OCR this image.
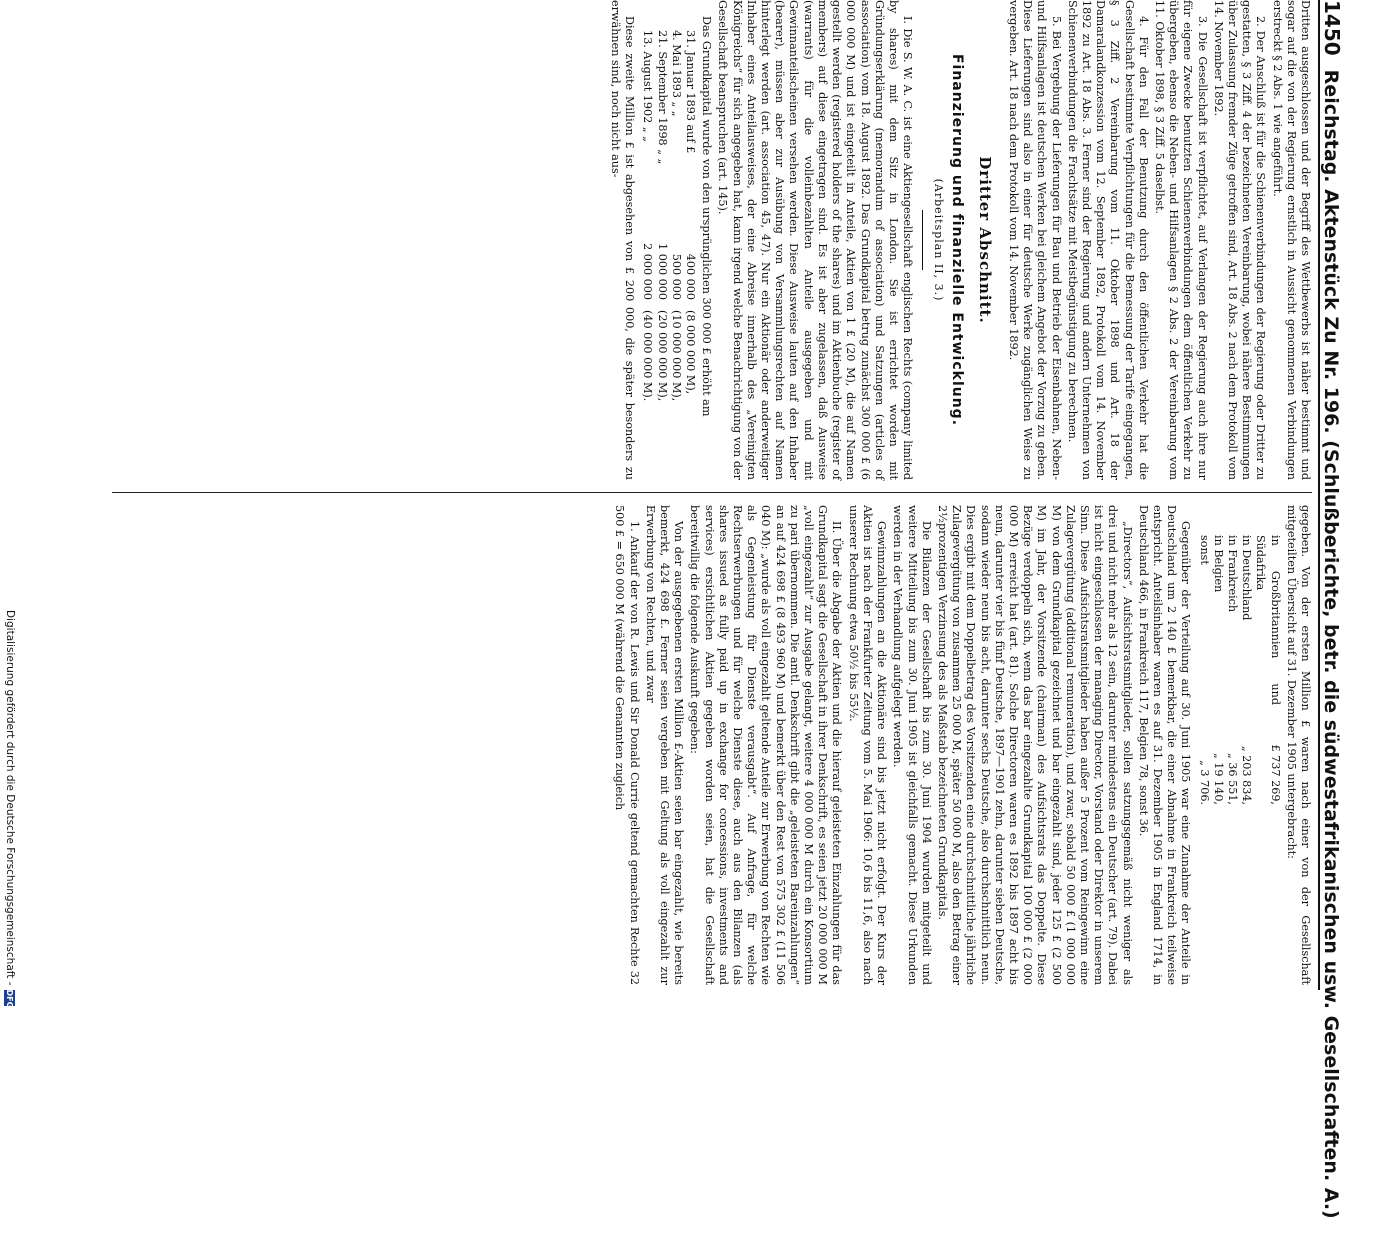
Digitalisierung gefördert durch die Deutsche Forschungsgemeinschaft -
DFG
1450
Reichstag. Aktenstück Zu Nr. 196. (Schlußberichte, betr. die südwestafrikanischen usw. Gesellschaften. A.)

Dritten ausgeschlossen und der Begriff des Wettbewerbs ist näher bestimmt und sogar auf die von der Regierung ernstlich in Aussicht genommenen Verbindungen erstreckt § 2 Abs. 1 wie angeführt.

2. Der Anschluß ist für die Schienenverbindungen der Regierung oder Dritter zu gestatten, § 3 Ziff. 4 der bezeichneten Vereinbarung, wobei nähere Bestimmungen über Zulassung fremder Züge getroffen sind, Art. 18 Abs. 2 nach dem Protokoll vom 14. November 1892.

3. Die Gesellschaft ist verpflichtet, auf Verlangen der Regierung auch ihre nur für eigene Zwecke benutzten Schienenverbindungen dem öffentlichen Verkehr zu übergeben, ebenso die Neben- und Hilfsanlagen § 2 Abs. 2 der Vereinbarung vom 11. Oktober 1898, § 3 Ziff. 5 daselbst.

4. Für den Fall der Benutzung durch den öffentlichen Verkehr hat die Gesellschaft bestimmte Verpflichtungen für die Bemessung der Tarife eingegangen, § 3 Ziff. 2 Vereinbarung vom 11. Oktober 1898 und Art. 18 der Damaralandkonzession vom 12. September 1892, Protokoll vom 14. November 1892 zu Art. 18 Abs. 3. Ferner sind der Regierung und andern Unternehmen von Schienenverbindungen die Frachtsätze mit Meistbegünstigung zu berechnen.

5. Bei Vergebung der Lieferungen für Bau und Betrieb der Eisenbahnen, Neben- und Hilfsanlagen ist deutschen Werken bei gleichem Angebot der Vorzug zu geben. Diese Lieferungen sind also in einer für deutsche Werke zugänglichen Weise zu vergeben. Art. 18 nach dem Protokoll vom 14. November 1892.

Dritter Abschnitt.
Finanzierung und finanzielle Entwicklung.
(Arbeitsplan II, 3.)

I. Die S. W. A. C. ist eine Aktiengesellschaft englischen Rechts (company limited by shares) mit dem Sitz in London. Sie ist errichtet worden mit Gründungserklärung (memorandum of association) und Satzungen (articles of association) vom 18. August 1892. Das Grundkapital betrug zunächst 300 000 £ (6 000 000 M) und ist eingeteilt in Anteile, Aktien von 1 £ (20 M), die auf Namen gestellt werden (registered holders of the shares) und im Aktienbuche (register of members) auf diese eingetragen sind. Es ist aber zugelassen, daß Ausweise (warrants) für die volleinbezahlten Anteile ausgegeben und mit Gewinnanteilscheinen versehen werden. Diese Ausweise lauten auf den Inhaber (bearer), müssen aber zur Ausübung von Versammlungsrechten auf Namen hinterlegt werden (art. association 45, 47). Nur ein Aktionär oder anderweitiger Inhaber eines Anteilausweises, der eine Abreise innerhalb des „Vereinigten Königreichs“ für sich angegeben hat, kann irgend welche Benachrichtigung von der Gesellschaft beanspruchen (art. 145).

Das Grundkapital wurde von den ursprünglichen 300 000 £ erhöht am

31. Januar 1893 auf £
400 000
(8 000 000 M),
4. Mai 1893 „ „
500 000
(10 000 000 M),
21. September 1898 „ „
1 000 000
(20 000 000 M),
13. August 1902 „ „
2 000 000
(40 000 000 M).

Diese zweite Million £ ist abgesehen von £ 200 000, die später besonders zu erwähnen sind, noch nicht aus-

gegeben. Von der ersten Million £ waren nach einer von der Gesellschaft mitgeteilten Übersicht auf 31. Dezember 1905 untergebracht:

in Großbritannien und Südafrika
£ 737 269,
in Deutschland
„ 203 834,
in Frankreich
„ 36 551,
in Belgien
„ 19 140,
sonst
„ 3 706.

Gegenüber der Verteilung auf 30. Juni 1905 war eine Zunahme der Anteile in Deutschland um 2 140 £ bemerkbar, die einer Abnahme in Frankreich teilweise entspricht. Anteilsinhaber waren es auf 31. Dezember 1905 in England 1714, in Deutschland 466, in Frankreich 117, Belgien 78, sonst 36.

„Directors“, Aufsichtsratsmitglieder, sollen satzungsgemäß nicht weniger als drei und nicht mehr als 12 sein, darunter mindestens ein Deutscher (art. 79). Dabei ist nicht eingeschlossen der managing Director, Vorstand oder Direktor in unserem Sinn. Diese Aufsichtsratsmitglieder haben außer 5 Prozent vom Reingewinn eine Zulagevergütung (additional remuneration), und zwar, sobald 50 000 £ (1 000 000 M) von dem Grundkapital gezeichnet und bar eingezahlt sind, jeder 125 £ (2 500 M) im Jahr, der Vorsitzende (chairman) des Aufsichtsrats das Doppelte. Diese Bezüge verdoppeln sich, wenn das bar eingezahlte Grundkapital 100 000 £ (2 000 000 M) erreicht hat (art. 81). Solche Directoren waren es 1892 bis 1897 acht bis neun, darunter vier bis fünf Deutsche, 1897—1901 zehn, darunter sieben Deutsche, sodann wieder neun bis acht, darunter sechs Deutsche, also durchschnittlich neun. Dies ergibt mit dem Doppelbetrag des Vorsitzenden eine durchschnittliche jährliche Zulagevergütung von zusammen 25 000 M, später 50 000 M, also den Betrag einer 2½prozentigen Verzinsung des als Maßstab bezeichneten Grundkapitals.

Die Bilanzen der Gesellschaft bis zum 30. Juni 1904 wurden mitgeteilt und weitere Mitteilung bis zum 30. Juni 1905 ist gleichfalls gemacht. Diese Urkunden werden in der Verhandlung aufgelegt werden.

Gewinnzahlungen an die Aktionäre sind bis jetzt nicht erfolgt. Der Kurs der Aktien ist nach der Frankfurter Zeitung vom 5. Mai 1906: 10,6 bis 11,6, also nach unserer Rechnung etwa 50½ bis 55½.

II. Über die Abgabe der Aktien und die hierauf geleisteten Einzahlungen für das Grundkapital sagt die Gesellschaft in ihrer Denkschrift, es seien jetzt 20 000 000 M „voll eingezahlt“ zur Ausgabe gelangt, weitere 4 000 000 M durch ein Konsortium zu pari übernommen. Die amtl. Denkschrift gibt die „geleisteten Bareinzahlungen“ an auf 424 698 £ (8 493 960 M) und bemerkt über den Rest von 575 302 £ (11 506 040 M): „wurde als voll eingezahlt geltende Anteile zur Erwerbung von Rechten wie als Gegenleistung für Dienste verausgabt“. Auf Anfrage, für welche Rechtserwerbungen und für welche Dienste diese, auch aus den Bilanzen (als shares issued as fully paid up in exchange for concessions, investments and services) ersichtlichen Aktien gegeben worden seien, hat die Gesellschaft bereitwillig die folgende Auskunft gegeben:

Von der ausgegebenen ersten Million £-Aktien seien bar eingezahlt, wie bereits bemerkt, 424 698 £. Ferner seien vergeben mit Geltung als voll eingezahlt zur Erwerbung von Rechten, und zwar

1. Ankauf der von R. Lewis und Sir Donald Currie geltend gemachten Rechte 32 500 £ = 650 000 M (während die Genannten zugleich
